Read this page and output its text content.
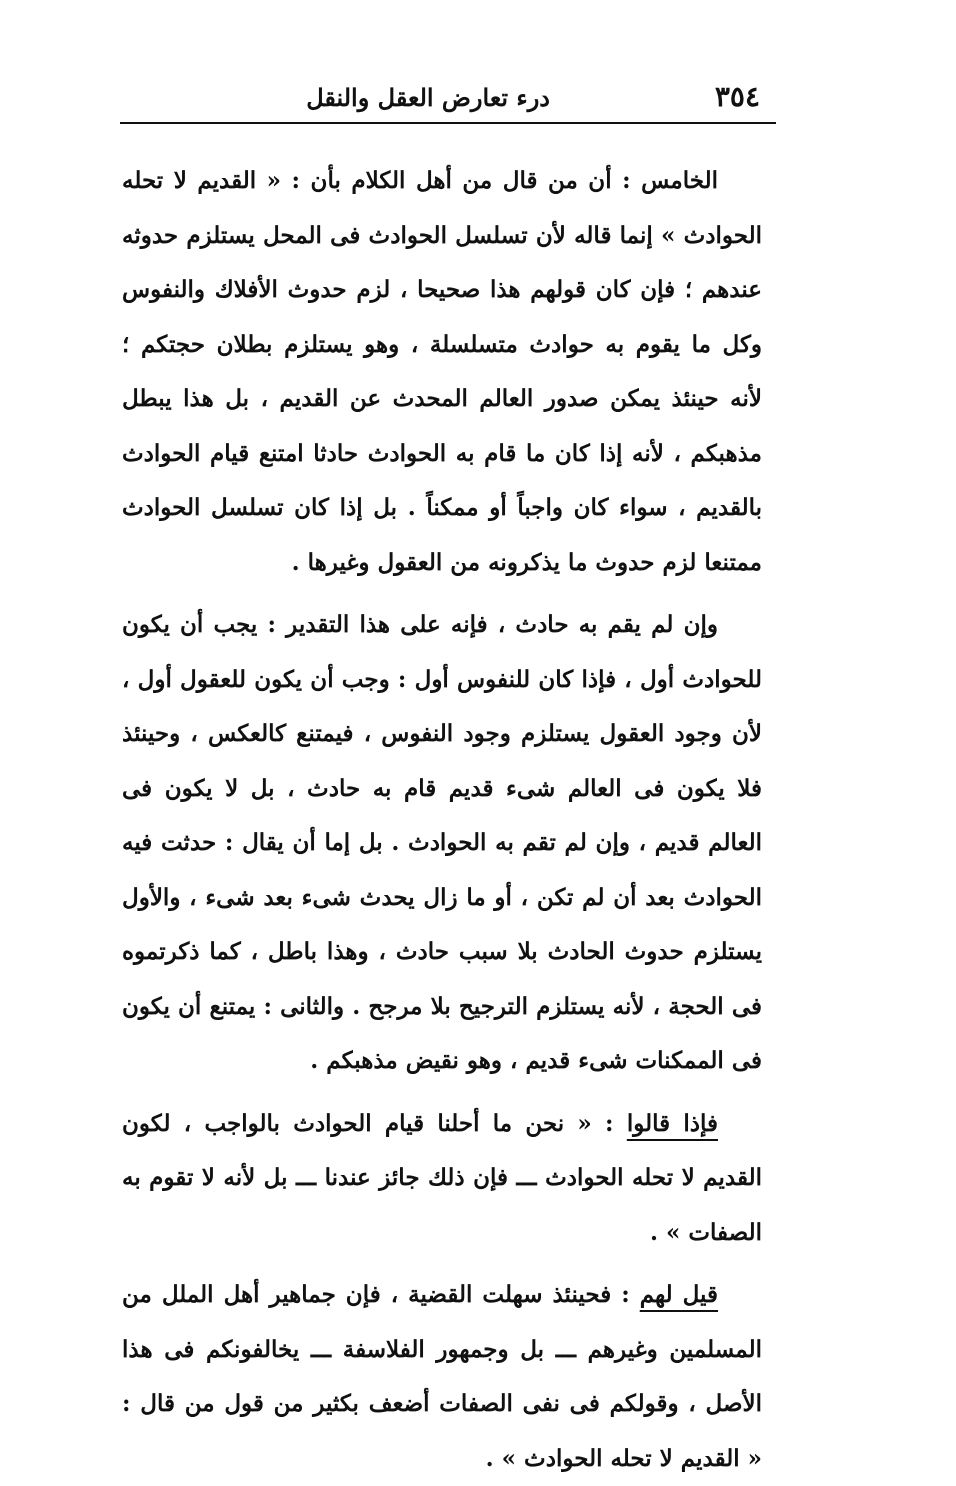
٣٥٤
درء تعارض العقل والنقل

الخامس : أن من قال من أهل الكلام بأن : « القديم لا تحله الحوادث » إنما قاله لأن تسلسل الحوادث فى المحل يستلزم حدوثه عندهم ؛ فإن كان قولهم هذا صحيحا ، لزم حدوث الأفلاك والنفوس وكل ما يقوم به حوادث متسلسلة ، وهو يستلزم بطلان حجتكم ؛ لأنه حينئذ يمكن صدور العالم المحدث عن القديم ، بل هذا يبطل مذهبكم ، لأنه إذا كان ما قام به الحوادث حادثا امتنع قيام الحوادث بالقديم ، سواء كان واجباً أو ممكناً . بل إذا كان تسلسل الحوادث ممتنعا لزم حدوث ما يذكرونه من العقول وغيرها .

وإن لم يقم به حادث ، فإنه على هذا التقدير : يجب أن يكون للحوادث أول ، فإذا كان للنفوس أول : وجب أن يكون للعقول أول ، لأن وجود العقول يستلزم وجود النفوس ، فيمتنع كالعكس ، وحينئذ فلا يكون فى العالم شىء قديم قام به حادث ، بل لا يكون فى العالم قديم ، وإن لم تقم به الحوادث . بل إما أن يقال : حدثت فيه الحوادث بعد أن لم تكن ، أو ما زال يحدث شىء بعد شىء ، والأول يستلزم حدوث الحادث بلا سبب حادث ، وهذا باطل ، كما ذكرتموه فى الحجة ، لأنه يستلزم الترجيح بلا مرجح . والثانى : يمتنع أن يكون فى الممكنات شىء قديم ، وهو نقيض مذهبكم .

فإذا قالوا : « نحن ما أحلنا قيام الحوادث بالواجب ، لكون القديم لا تحله الحوادث ـــ فإن ذلك جائز عندنا ـــ بل لأنه لا تقوم به الصفات » .

قيل لهم : فحينئذ سهلت القضية ، فإن جماهير أهل الملل من المسلمين وغيرهم ـــ بل وجمهور الفلاسفة ـــ يخالفونكم فى هذا الأصل ، وقولكم فى نفى الصفات أضعف بكثير من قول من قال : « القديم لا تحله الحوادث » .
